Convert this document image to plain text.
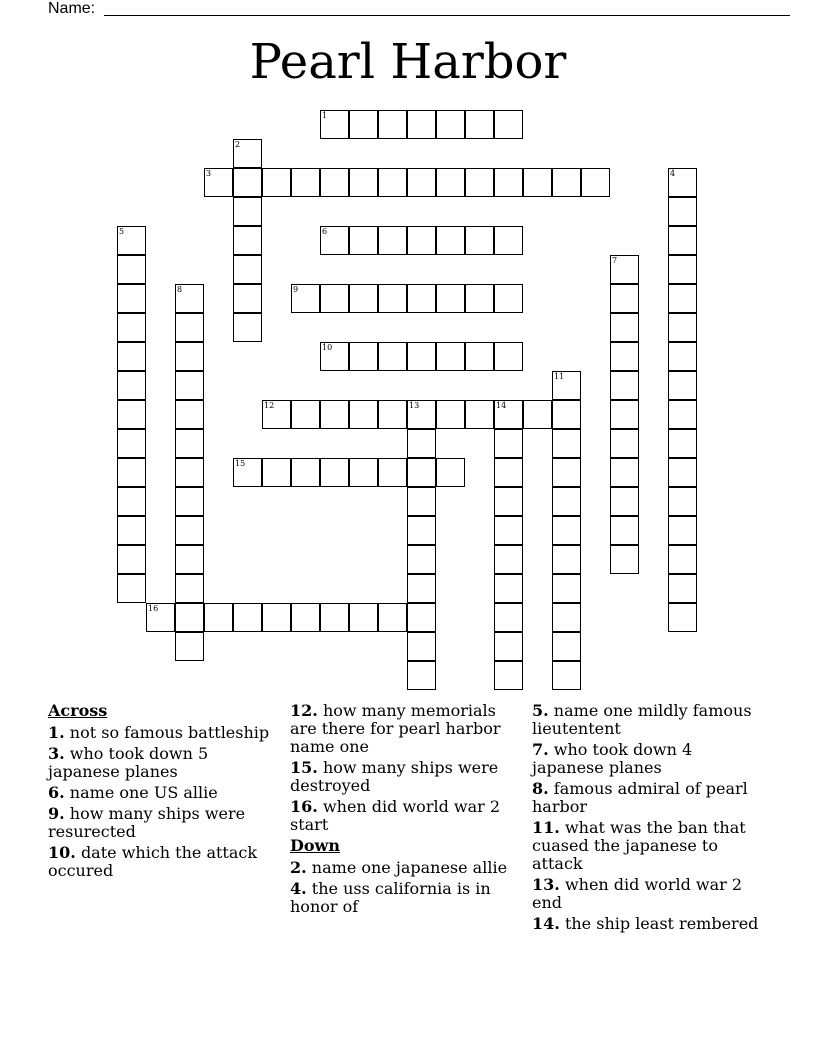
Name:
Pearl Harbor
1
2
3	4
5	6
7
8	9
10
11
12	13	14
15
16
Across
1. not so famous battleship
3. who took down 5 japanese planes
6. name one US allie
9. how many ships were resurected
10. date which the attack occured
12. how many memorials are there for pearl harbor name one
15. how many ships were destroyed
16. when did world war 2 start
Down
2. name one japanese allie
4. the uss california is in honor of
5. name one mildly famous lieutentent
7. who took down 4 japanese planes
8. famous admiral of pearl harbor
11. what was the ban that cuased the japanese to attack
13. when did world war 2 end
14. the ship least rembered
